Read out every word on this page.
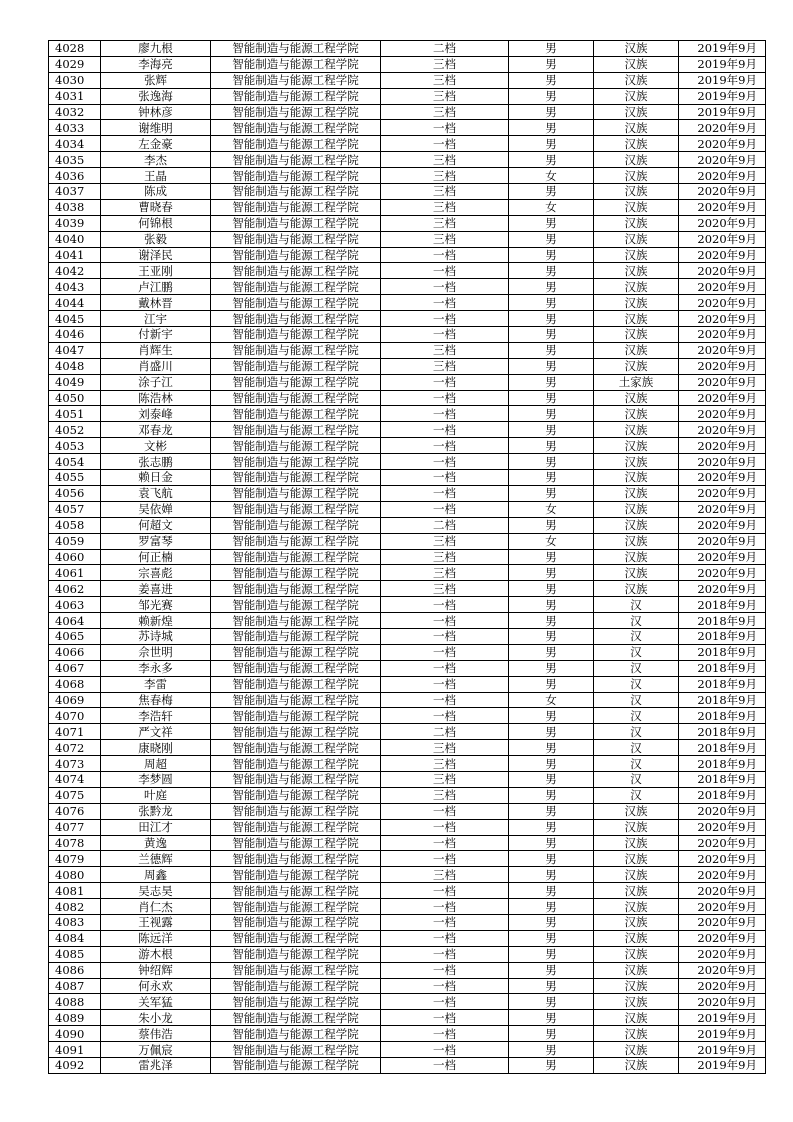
4028	廖九根	智能制造与能源工程学院	二档	男	汉族	2019年9月
4029	李海亮	智能制造与能源工程学院	三档	男	汉族	2019年9月
4030	张辉	智能制造与能源工程学院	三档	男	汉族	2019年9月
4031	张逸海	智能制造与能源工程学院	三档	男	汉族	2019年9月
4032	钟林彦	智能制造与能源工程学院	三档	男	汉族	2019年9月
4033	谢维明	智能制造与能源工程学院	一档	男	汉族	2020年9月
4034	左金豪	智能制造与能源工程学院	一档	男	汉族	2020年9月
4035	李杰	智能制造与能源工程学院	三档	男	汉族	2020年9月
4036	王晶	智能制造与能源工程学院	三档	女	汉族	2020年9月
4037	陈成	智能制造与能源工程学院	三档	男	汉族	2020年9月
4038	曹晓春	智能制造与能源工程学院	三档	女	汉族	2020年9月
4039	何锦根	智能制造与能源工程学院	三档	男	汉族	2020年9月
4040	张毅	智能制造与能源工程学院	三档	男	汉族	2020年9月
4041	谢泽民	智能制造与能源工程学院	一档	男	汉族	2020年9月
4042	王亚刚	智能制造与能源工程学院	一档	男	汉族	2020年9月
4043	卢江鹏	智能制造与能源工程学院	一档	男	汉族	2020年9月
4044	戴林晋	智能制造与能源工程学院	一档	男	汉族	2020年9月
4045	江宇	智能制造与能源工程学院	一档	男	汉族	2020年9月
4046	付新宇	智能制造与能源工程学院	一档	男	汉族	2020年9月
4047	肖辉生	智能制造与能源工程学院	三档	男	汉族	2020年9月
4048	肖盛川	智能制造与能源工程学院	三档	男	汉族	2020年9月
4049	涂子江	智能制造与能源工程学院	一档	男	土家族	2020年9月
4050	陈浩林	智能制造与能源工程学院	一档	男	汉族	2020年9月
4051	刘泰峰	智能制造与能源工程学院	一档	男	汉族	2020年9月
4052	邓春龙	智能制造与能源工程学院	一档	男	汉族	2020年9月
4053	文彬	智能制造与能源工程学院	一档	男	汉族	2020年9月
4054	张志鹏	智能制造与能源工程学院	一档	男	汉族	2020年9月
4055	赖日金	智能制造与能源工程学院	一档	男	汉族	2020年9月
4056	袁飞航	智能制造与能源工程学院	一档	男	汉族	2020年9月
4057	吴依婵	智能制造与能源工程学院	一档	女	汉族	2020年9月
4058	何超文	智能制造与能源工程学院	二档	男	汉族	2020年9月
4059	罗富琴	智能制造与能源工程学院	三档	女	汉族	2020年9月
4060	何正楠	智能制造与能源工程学院	三档	男	汉族	2020年9月
4061	宗喜彪	智能制造与能源工程学院	三档	男	汉族	2020年9月
4062	姜喜进	智能制造与能源工程学院	三档	男	汉族	2020年9月
4063	邹光赛	智能制造与能源工程学院	一档	男	汉	2018年9月
4064	赖新煌	智能制造与能源工程学院	一档	男	汉	2018年9月
4065	苏诗城	智能制造与能源工程学院	一档	男	汉	2018年9月
4066	佘世明	智能制造与能源工程学院	一档	男	汉	2018年9月
4067	李永多	智能制造与能源工程学院	一档	男	汉	2018年9月
4068	李雷	智能制造与能源工程学院	一档	男	汉	2018年9月
4069	焦春梅	智能制造与能源工程学院	一档	女	汉	2018年9月
4070	李浩轩	智能制造与能源工程学院	一档	男	汉	2018年9月
4071	严文祥	智能制造与能源工程学院	二档	男	汉	2018年9月
4072	康晓刚	智能制造与能源工程学院	三档	男	汉	2018年9月
4073	周超	智能制造与能源工程学院	三档	男	汉	2018年9月
4074	李梦圆	智能制造与能源工程学院	三档	男	汉	2018年9月
4075	叶庭	智能制造与能源工程学院	三档	男	汉	2018年9月
4076	张黔龙	智能制造与能源工程学院	一档	男	汉族	2020年9月
4077	田江才	智能制造与能源工程学院	一档	男	汉族	2020年9月
4078	黄逸	智能制造与能源工程学院	一档	男	汉族	2020年9月
4079	兰德辉	智能制造与能源工程学院	一档	男	汉族	2020年9月
4080	周鑫	智能制造与能源工程学院	三档	男	汉族	2020年9月
4081	吴志昊	智能制造与能源工程学院	一档	男	汉族	2020年9月
4082	肖仁杰	智能制造与能源工程学院	一档	男	汉族	2020年9月
4083	王视露	智能制造与能源工程学院	一档	男	汉族	2020年9月
4084	陈远洋	智能制造与能源工程学院	一档	男	汉族	2020年9月
4085	游木根	智能制造与能源工程学院	一档	男	汉族	2020年9月
4086	钟绍辉	智能制造与能源工程学院	一档	男	汉族	2020年9月
4087	何永欢	智能制造与能源工程学院	一档	男	汉族	2020年9月
4088	关军猛	智能制造与能源工程学院	一档	男	汉族	2020年9月
4089	朱小龙	智能制造与能源工程学院	一档	男	汉族	2019年9月
4090	蔡伟浩	智能制造与能源工程学院	一档	男	汉族	2019年9月
4091	万佩宸	智能制造与能源工程学院	一档	男	汉族	2019年9月
4092	雷兆泽	智能制造与能源工程学院	一档	男	汉族	2019年9月
